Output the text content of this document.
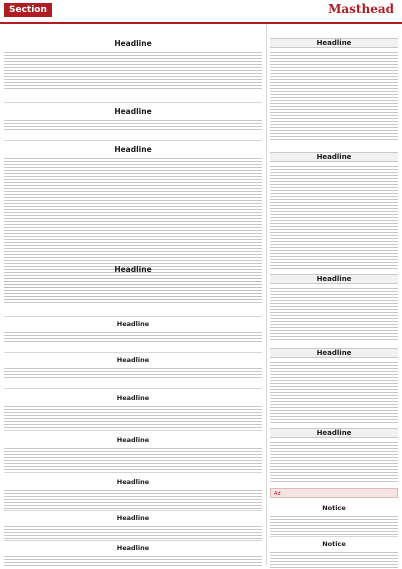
Section	Masthead
Headline
Headline
Headline
Headline
Headline
Headline
Headline
Headline
Headline
Headline
Headline
Headline
Headline
Headline
Headline
Headline
Ad
Notice
Notice
